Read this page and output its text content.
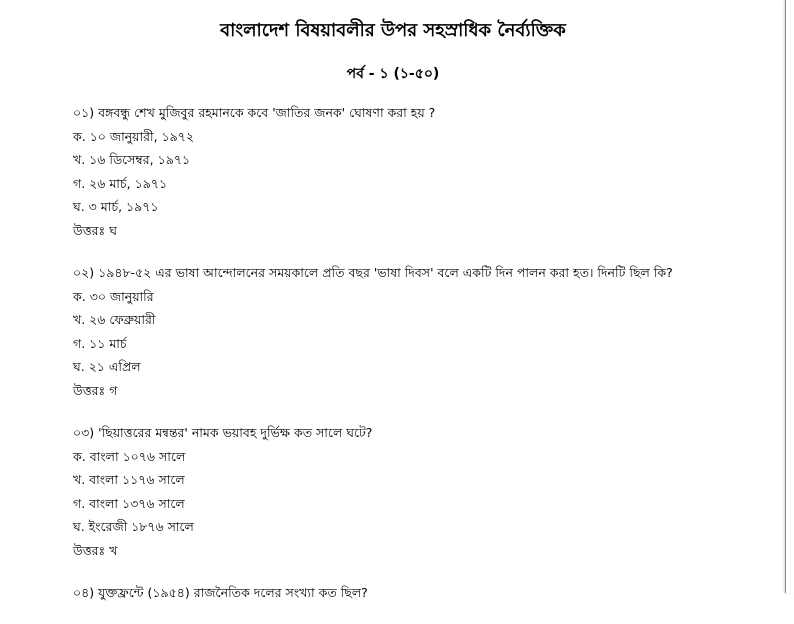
বাংলাদেশ বিষয়াবলীর উপর সহস্রাধিক নৈর্ব্যক্তিক
পর্ব - ১ (১-৫০)
০১) বঙ্গবন্ধু শেখ মুজিবুর রহমানকে কবে 'জাতির জনক' ঘোষণা করা হয় ?
ক. ১০ জানুয়ারী, ১৯৭২
খ. ১৬ ডিসেম্বর, ১৯৭১
গ. ২৬ মার্চ, ১৯৭১
ঘ. ৩ মার্চ, ১৯৭১
উত্তরঃ ঘ
০২) ১৯৪৮-৫২ এর ভাষা আন্দোলনের সময়কালে প্রতি বছর 'ভাষা দিবস' বলে একটি দিন পালন করা হত। দিনটি ছিল কি?
ক. ৩০ জানুয়ারি
খ. ২৬ ফেব্রুয়ারী
গ. ১১ মার্চ
ঘ. ২১ এপ্রিল
উত্তরঃ গ
০৩) 'ছিয়াত্তরের মন্বন্তর' নামক ভয়াবহ দুর্ভিক্ষ কত সালে ঘটে?
ক. বাংলা ১০৭৬ সালে
খ. বাংলা ১১৭৬ সালে
গ. বাংলা ১৩৭৬ সালে
ঘ. ইংরেজী ১৮৭৬ সালে
উত্তরঃ খ
০৪) যুক্তফ্রন্টে (১৯৫৪) রাজনৈতিক দলের সংখ্যা কত ছিল?
